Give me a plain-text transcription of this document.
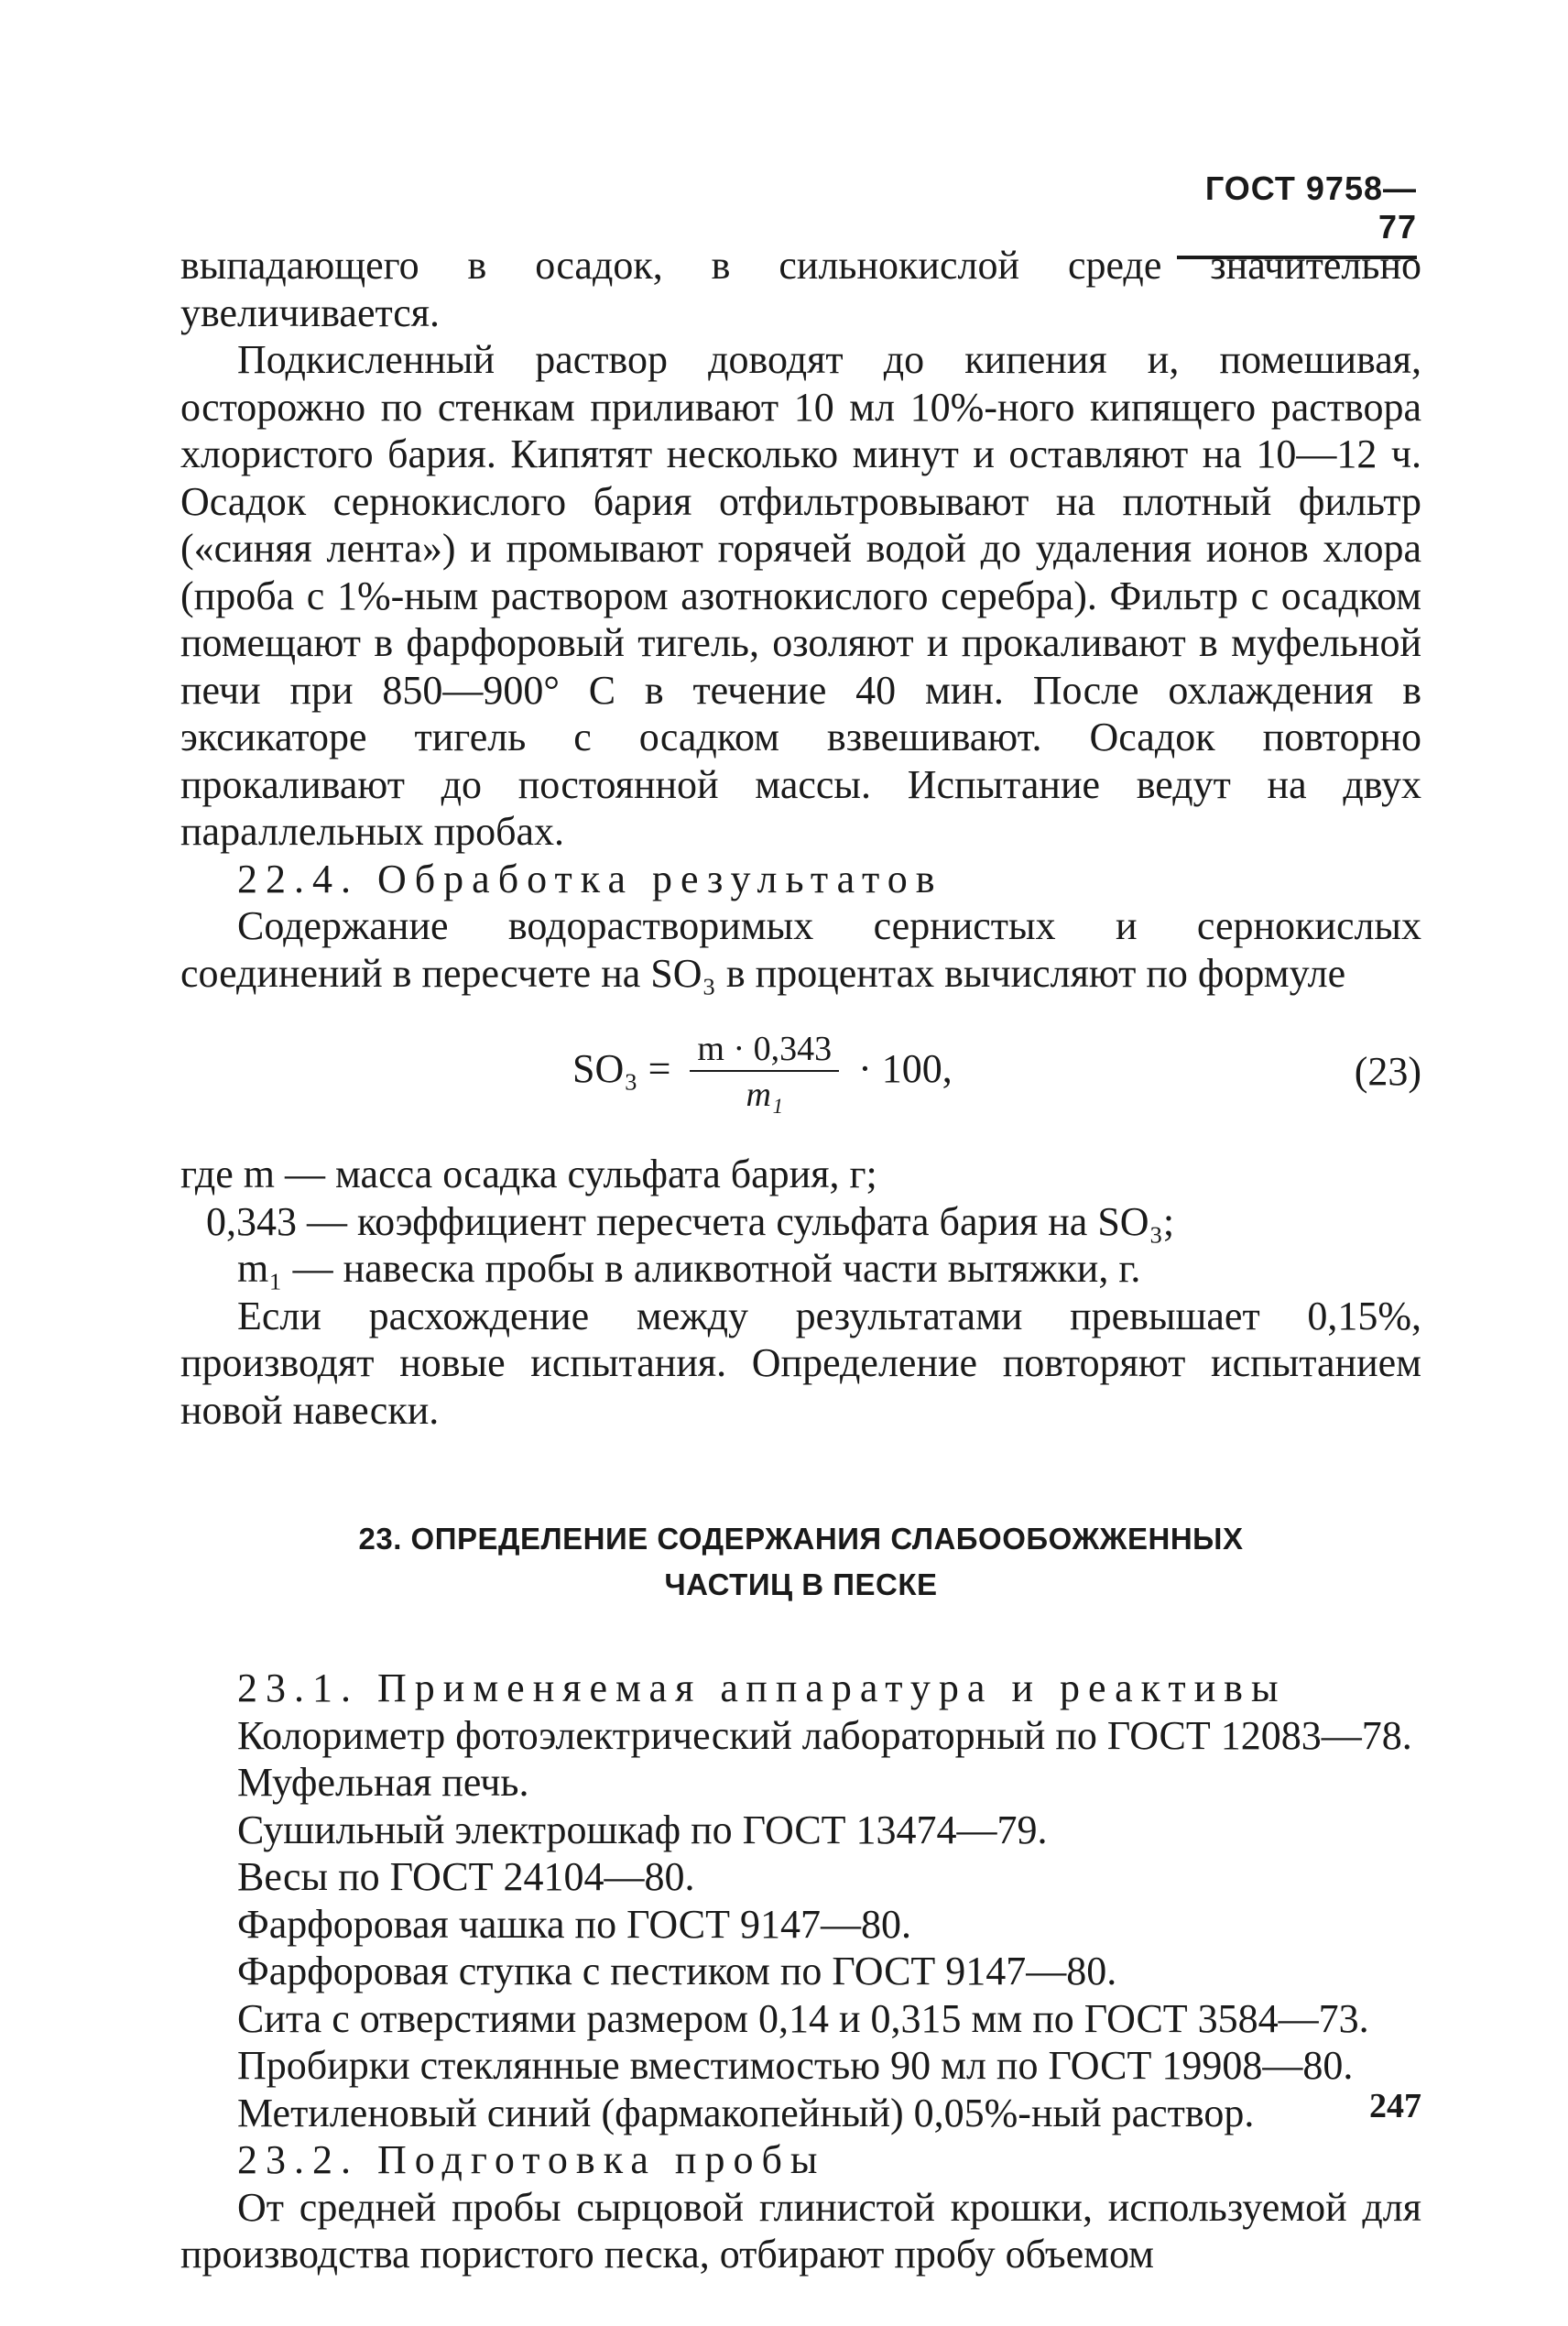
ГОСТ 9758—77

выпадающего в осадок, в сильнокислой среде значительно увеличивается.

Подкисленный раствор доводят до кипения и, помешивая, осторожно по стенкам приливают 10 мл 10%-ного кипящего раствора хлористого бария. Кипятят несколько минут и оставляют на 10—12 ч. Осадок сернокислого бария отфильтровывают на плотный фильтр («синяя лента») и промывают горячей водой до удаления ионов хлора (проба с 1%-ным раствором азотнокислого серебра). Фильтр с осадком помещают в фарфоровый тигель, озоляют и прокаливают в муфельной печи при 850—900° С в течение 40 мин. После охлаждения в эксикаторе тигель с осадком взвешивают. Осадок повторно прокаливают до постоянной массы. Испытание ведут на двух параллельных пробах.

22.4. Обработка результатов

Содержание водорастворимых сернистых и сернокислых соединений в пересчете на SO₃ в процентах вычисляют по формуле

$SO_3 = \frac{m \cdot 0,343}{\text{m₁}} \cdot 100$,	(23)

где m — масса осадка сульфата бария, г;

0,343 — коэффициент пересчета сульфата бария на SO₃;

m₁ — навеска пробы в аликвотной части вытяжки, г.

Если расхождение между результатами превышает 0,15%, производят новые испытания. Определение повторяют испытанием новой навески.

23. ОПРЕДЕЛЕНИЕ СОДЕРЖАНИЯ СЛАБООБОЖЖЕННЫХ
ЧАСТИЦ В ПЕСКЕ

23.1. Применяемая аппаратура и реактивы

Колориметр фотоэлектрический лабораторный по ГОСТ 12083—78.

Муфельная печь.

Сушильный электрошкаф по ГОСТ 13474—79.

Весы по ГОСТ 24104—80.

Фарфоровая чашка по ГОСТ 9147—80.

Фарфоровая ступка с пестиком по ГОСТ 9147—80.

Сита с отверстиями размером 0,14 и 0,315 мм по ГОСТ 3584—73.

Пробирки стеклянные вместимостью 90 мл по ГОСТ 19908—80.

Метиленовый синий (фармакопейный) 0,05%-ный раствор.

23.2. Подготовка пробы

От средней пробы сырцовой глинистой крошки, используемой для производства пористого песка, отбирают пробу объемом

247
